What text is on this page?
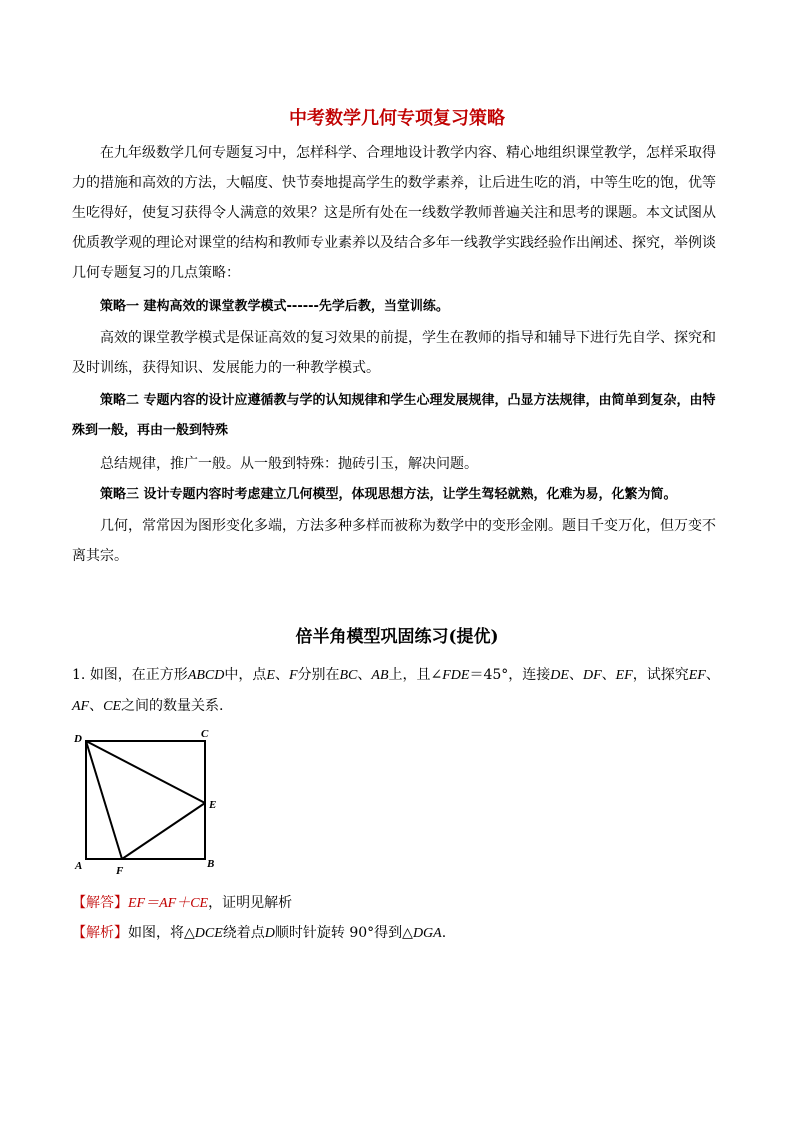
中考数学几何专项复习策略
在九年级数学几何专题复习中，怎样科学、合理地设计教学内容、精心地组织课堂教学，怎样采取得力的措施和高效的方法，大幅度、快节奏地提高学生的数学素养，让后进生吃的消，中等生吃的饱，优等生吃得好，使复习获得令人满意的效果？这是所有处在一线数学教师普遍关注和思考的课题。本文试图从优质教学观的理论对课堂的结构和教师专业素养以及结合多年一线教学实践经验作出阐述、探究，举例谈几何专题复习的几点策略：
策略一 建构高效的课堂教学模式------先学后教，当堂训练。
高效的课堂教学模式是保证高效的复习效果的前提，学生在教师的指导和辅导下进行先自学、探究和及时训练，获得知识、发展能力的一种教学模式。
策略二 专题内容的设计应遵循教与学的认知规律和学生心理发展规律，凸显方法规律，由简单到复杂，由特殊到一般，再由一般到特殊
总结规律，推广一般。从一般到特殊：抛砖引玉，解决问题。
策略三 设计专题内容时考虑建立几何模型，体现思想方法，让学生驾轻就熟，化难为易，化繁为简。
几何，常常因为图形变化多端，方法多种多样而被称为数学中的变形金刚。题目千变万化，但万变不离其宗。
倍半角模型巩固练习(提优)
1. 如图，在正方形ABCD中，点E、F分别在BC、AB上，且∠FDE＝45°，连接DE、DF、EF，试探究EF、AF、CE之间的数量关系.
D	C
E
A	F
B
【解答】EF＝AF＋CE，证明见解析
【解析】如图，将△DCE绕着点D顺时针旋转 90°得到△DGA.
